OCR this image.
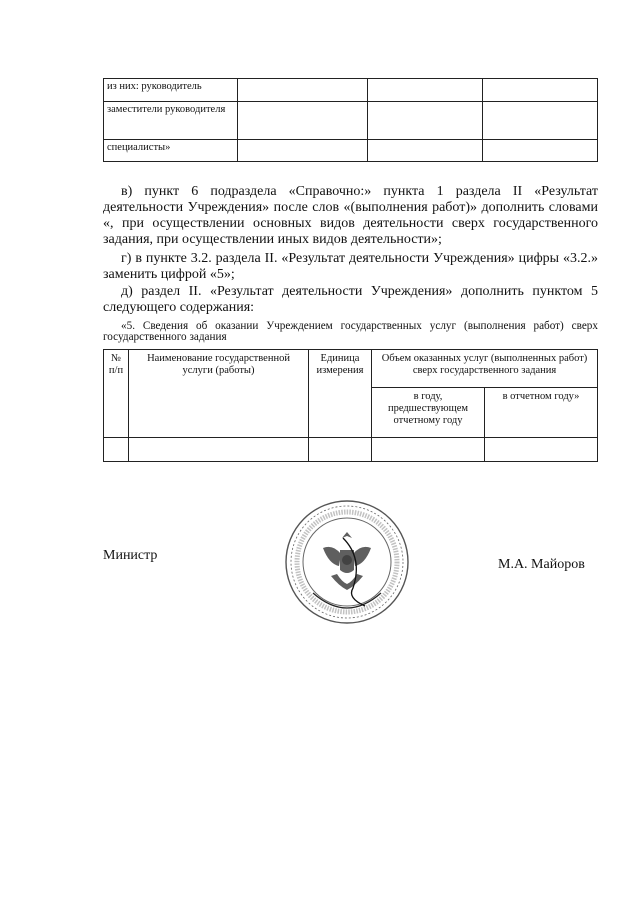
из них: руководитель			
заместители руководителя			
специалисты»			

в) пункт 6 подраздела «Справочно:» пункта 1 раздела II «Результат деятельности Учреждения» после слов «(выполнения работ)» дополнить словами «, при осуществлении основных видов деятельности сверх государственного задания, при осуществлении иных видов деятельности»;

г) в пункте 3.2. раздела II. «Результат деятельности Учреждения» цифры «3.2.» заменить цифрой «5»;

д) раздел II. «Результат деятельности Учреждения» дополнить пунктом 5 следующего содержания:

«5. Сведения об оказании Учреждением государственных услуг (выполнения работ) сверх государственного задания

№ п/п	Наименование государственной услуги (работы)	Единица измерения	Объем оказанных услуг (выполненных работ) сверх государственного задания	
			в году, предшествующем отчетному году	в отчетном году»

Министр
М.А. Майоров
